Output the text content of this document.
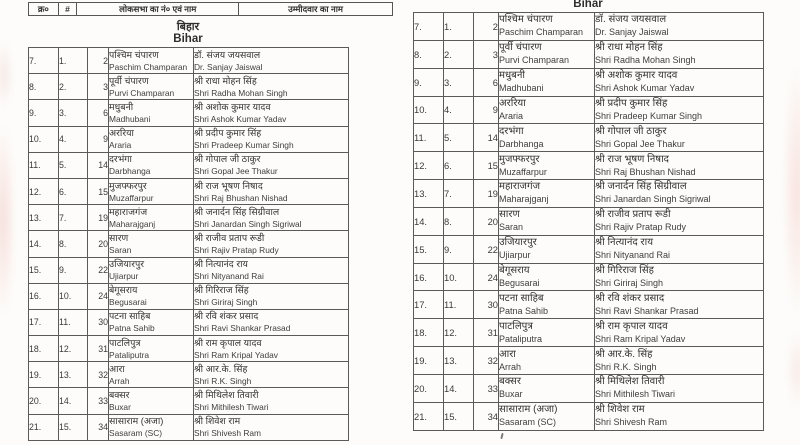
क्र०	#	लोकसभा का नं० एवं नाम	उम्मीदवार का नाम
बिहार
Bihar
Bihar
7.	1.	2	
पश्चिम चंपारण
Paschim Champaran

डॉ. संजय जयसवाल
Dr. Sanjay Jaiswal

8.	2.	3	
पूर्वी चंपारण
Purvi Champaran

श्री राधा मोहन सिंह
Shri Radha Mohan Singh

9.	3.	6	
मधुबनी
Madhubani

श्री अशोक कुमार यादव
Shri Ashok Kumar Yadav

10.	4.	9	
अररिया
Araria

श्री प्रदीप कुमार सिंह
Shri Pradeep Kumar Singh

11.	5.	14	
दरभंगा
Darbhanga

श्री गोपाल जी ठाकुर
Shri Gopal Jee Thakur

12.	6.	15	
मुजफ्फरपुर
Muzaffarpur

श्री राज भूषण निषाद
Shri Raj Bhushan Nishad

13.	7.	19	
महाराजगंज
Maharajganj

श्री जनार्दन सिंह सिग्रीवाल
Shri Janardan Singh Sigriwal

14.	8.	20	
सारण
Saran

श्री राजीव प्रताप रूडी
Shri Rajiv Pratap Rudy

15.	9.	22	
उजियारपुर
Ujiarpur

श्री नित्यानंद राय
Shri Nityanand Rai

16.	10.	24	
बेगूसराय
Begusarai

श्री गिरिराज सिंह
Shri Giriraj Singh

17.	11.	30	
पटना साहिब
Patna Sahib

श्री रवि शंकर प्रसाद
Shri Ravi Shankar Prasad

18.	12.	31	
पाटलिपुत्र
Pataliputra

श्री राम कृपाल यादव
Shri Ram Kripal Yadav

19.	13.	32	
आरा
Arrah

श्री आर.के. सिंह
Shri R.K. Singh

20.	14.	33	
बक्सर
Buxar

श्री मिथिलेश तिवारी
Shri Mithilesh Tiwari

21.	15.	34	
सासाराम (अजा)
Sasaram (SC)

श्री शिवेश राम
Shri Shivesh Ram
7.	1.	2	
पश्चिम चंपारण
Paschim Champaran

डॉ. संजय जयसवाल
Dr. Sanjay Jaiswal

8.	2.	3	
पूर्वी चंपारण
Purvi Champaran

श्री राधा मोहन सिंह
Shri Radha Mohan Singh

9.	3.	6	
मधुबनी
Madhubani

श्री अशोक कुमार यादव
Shri Ashok Kumar Yadav

10.	4.	9	
अररिया
Araria

श्री प्रदीप कुमार सिंह
Shri Pradeep Kumar Singh

11.	5.	14	
दरभंगा
Darbhanga

श्री गोपाल जी ठाकुर
Shri Gopal Jee Thakur

12.	6.	15	
मुजफ्फरपुर
Muzaffarpur

श्री राज भूषण निषाद
Shri Raj Bhushan Nishad

13.	7.	19	
महाराजगंज
Maharajganj

श्री जनार्दन सिंह सिग्रीवाल
Shri Janardan Singh Sigriwal

14.	8.	20	
सारण
Saran

श्री राजीव प्रताप रूडी
Shri Rajiv Pratap Rudy

15.	9.	22	
उजियारपुर
Ujiarpur

श्री नित्यानंद राय
Shri Nityanand Rai

16.	10.	24	
बेगूसराय
Begusarai

श्री गिरिराज सिंह
Shri Giriraj Singh

17.	11.	30	
पटना साहिब
Patna Sahib

श्री रवि शंकर प्रसाद
Shri Ravi Shankar Prasad

18.	12.	31	
पाटलिपुत्र
Pataliputra

श्री राम कृपाल यादव
Shri Ram Kripal Yadav

19.	13.	32	
आरा
Arrah

श्री आर.के. सिंह
Shri R.K. Singh

20.	14.	33	
बक्सर
Buxar

श्री मिथिलेश तिवारी
Shri Mithilesh Tiwari

21.	15.	34	
सासाराम (अजा)
Sasaram (SC)

श्री शिवेश राम
Shri Shivesh Ram
